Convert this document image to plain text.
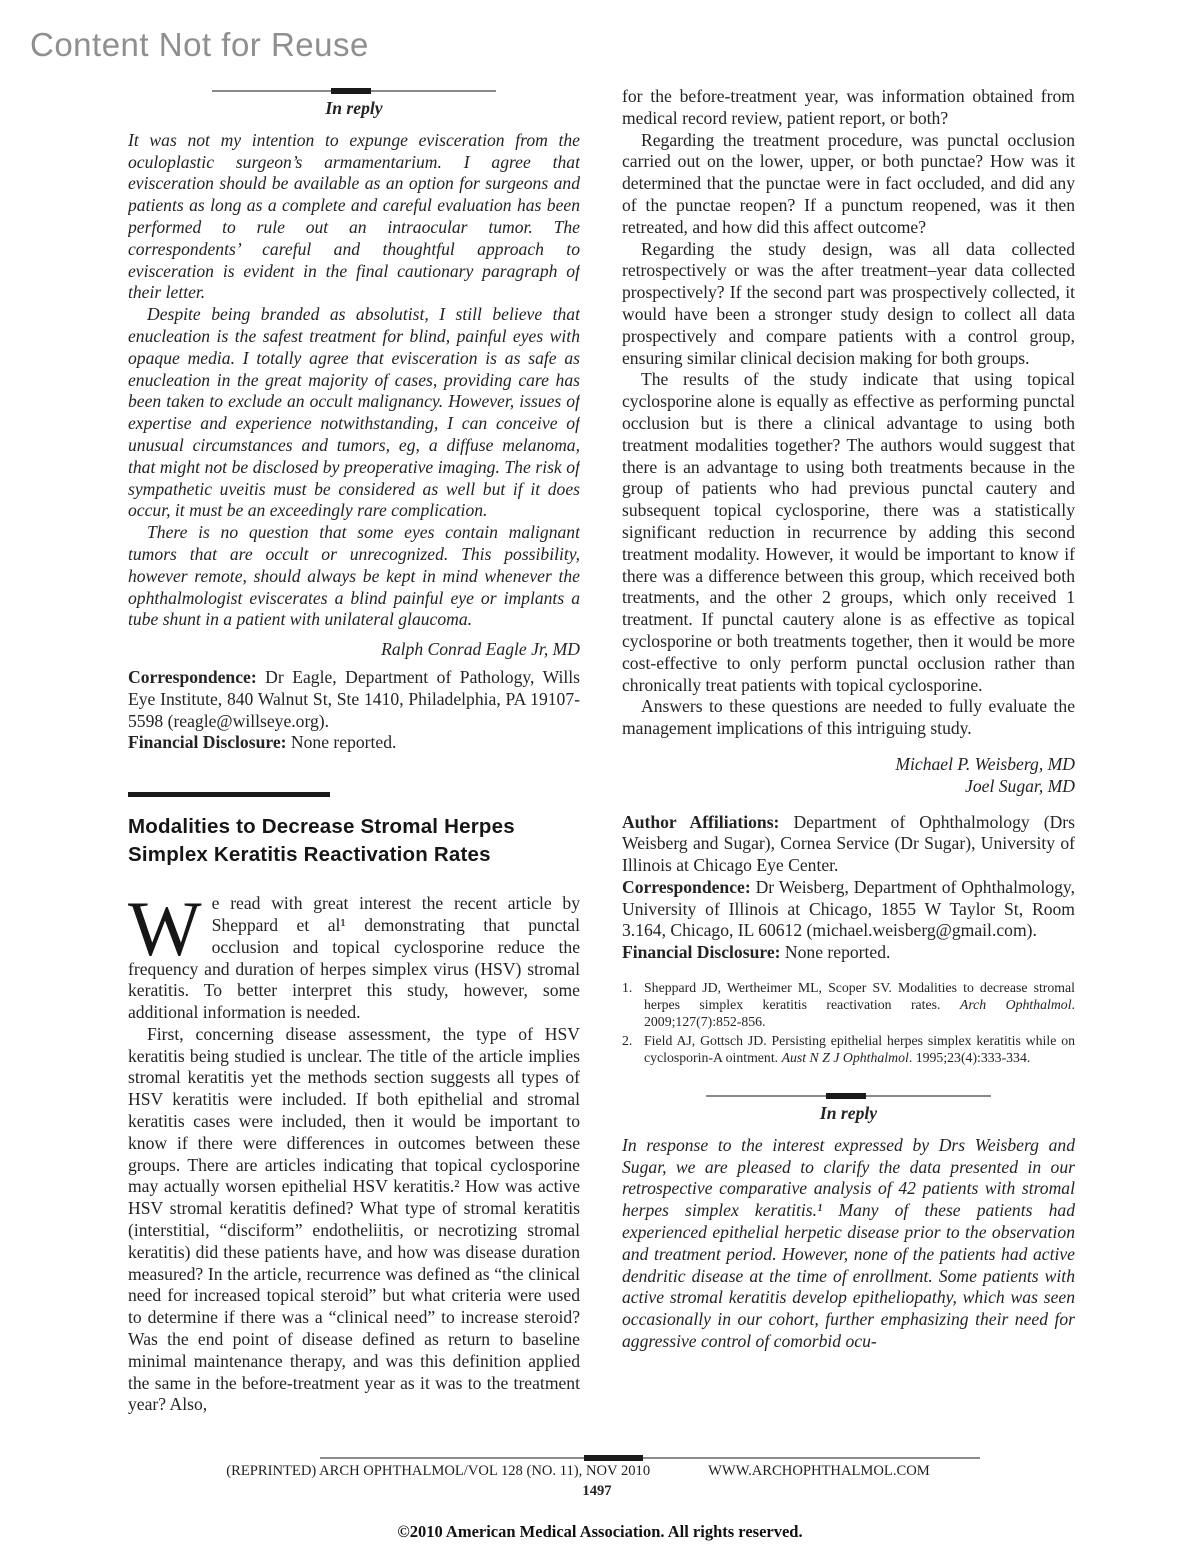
Content Not for Reuse
In reply

It was not my intention to expunge evisceration from the oculoplastic surgeon’s armamentarium. I agree that evisceration should be available as an option for surgeons and patients as long as a complete and careful evaluation has been performed to rule out an intraocular tumor. The correspondents’ careful and thoughtful approach to evisceration is evident in the final cautionary paragraph of their letter.

Despite being branded as absolutist, I still believe that enucleation is the safest treatment for blind, painful eyes with opaque media. I totally agree that evisceration is as safe as enucleation in the great majority of cases, providing care has been taken to exclude an occult malignancy. However, issues of expertise and experience notwithstanding, I can conceive of unusual circumstances and tumors, eg, a diffuse melanoma, that might not be disclosed by preoperative imaging. The risk of sympathetic uveitis must be considered as well but if it does occur, it must be an exceedingly rare complication.

There is no question that some eyes contain malignant tumors that are occult or unrecognized. This possibility, however remote, should always be kept in mind whenever the ophthalmologist eviscerates a blind painful eye or implants a tube shunt in a patient with unilateral glaucoma.

Ralph Conrad Eagle Jr, MD

Correspondence: Dr Eagle, Department of Pathology, Wills Eye Institute, 840 Walnut St, Ste 1410, Philadelphia, PA 19107-5598 (reagle@willseye.org).

Financial Disclosure: None reported.

Modalities to Decrease Stromal Herpes
Simplex Keratitis Reactivation Rates

We read with great interest the recent article by Sheppard et al¹ demonstrating that punctal occlusion and topical cyclosporine reduce the frequency and duration of herpes simplex virus (HSV) stromal keratitis. To better interpret this study, however, some additional information is needed.

First, concerning disease assessment, the type of HSV keratitis being studied is unclear. The title of the article implies stromal keratitis yet the methods section suggests all types of HSV keratitis were included. If both epithelial and stromal keratitis cases were included, then it would be important to know if there were differences in outcomes between these groups. There are articles indicating that topical cyclosporine may actually worsen epithelial HSV keratitis.² How was active HSV stromal keratitis defined? What type of stromal keratitis (interstitial, “disciform” endotheliitis, or necrotizing stromal keratitis) did these patients have, and how was disease duration measured? In the article, recurrence was defined as “the clinical need for increased topical steroid” but what criteria were used to determine if there was a “clinical need” to increase steroid? Was the end point of disease defined as return to baseline minimal maintenance therapy, and was this definition applied the same in the before-treatment year as it was to the treatment year? Also,

for the before-treatment year, was information obtained from medical record review, patient report, or both?

Regarding the treatment procedure, was punctal occlusion carried out on the lower, upper, or both punctae? How was it determined that the punctae were in fact occluded, and did any of the punctae reopen? If a punctum reopened, was it then retreated, and how did this affect outcome?

Regarding the study design, was all data collected retrospectively or was the after treatment–year data collected prospectively? If the second part was prospectively collected, it would have been a stronger study design to collect all data prospectively and compare patients with a control group, ensuring similar clinical decision making for both groups.

The results of the study indicate that using topical cyclosporine alone is equally as effective as performing punctal occlusion but is there a clinical advantage to using both treatment modalities together? The authors would suggest that there is an advantage to using both treatments because in the group of patients who had previous punctal cautery and subsequent topical cyclosporine, there was a statistically significant reduction in recurrence by adding this second treatment modality. However, it would be important to know if there was a difference between this group, which received both treatments, and the other 2 groups, which only received 1 treatment. If punctal cautery alone is as effective as topical cyclosporine or both treatments together, then it would be more cost-effective to only perform punctal occlusion rather than chronically treat patients with topical cyclosporine.

Answers to these questions are needed to fully evaluate the management implications of this intriguing study.

Michael P. Weisberg, MD

Joel Sugar, MD

Author Affiliations: Department of Ophthalmology (Drs Weisberg and Sugar), Cornea Service (Dr Sugar), University of Illinois at Chicago Eye Center.

Correspondence: Dr Weisberg, Department of Ophthalmology, University of Illinois at Chicago, 1855 W Taylor St, Room 3.164, Chicago, IL 60612 (michael.weisberg@gmail.com).

Financial Disclosure: None reported.

1. Sheppard JD, Wertheimer ML, Scoper SV. Modalities to decrease stromal herpes simplex keratitis reactivation rates. Arch Ophthalmol. 2009;127(7):852-856.
2. Field AJ, Gottsch JD. Persisting epithelial herpes simplex keratitis while on cyclosporin-A ointment. Aust N Z J Ophthalmol. 1995;23(4):333-334.
In reply

In response to the interest expressed by Drs Weisberg and Sugar, we are pleased to clarify the data presented in our retrospective comparative analysis of 42 patients with stromal herpes simplex keratitis.¹ Many of these patients had experienced epithelial herpetic disease prior to the observation and treatment period. However, none of the patients had active dendritic disease at the time of enrollment. Some patients with active stromal keratitis develop epitheliopathy, which was seen occasionally in our cohort, further emphasizing their need for aggressive control of comorbid ocu-

(REPRINTED) ARCH OPHTHALMOL/VOL 128 (NO. 11), NOV 2010	WWW.ARCHOPHTHALMOL.COM
1497
©2010 American Medical Association. All rights reserved.
